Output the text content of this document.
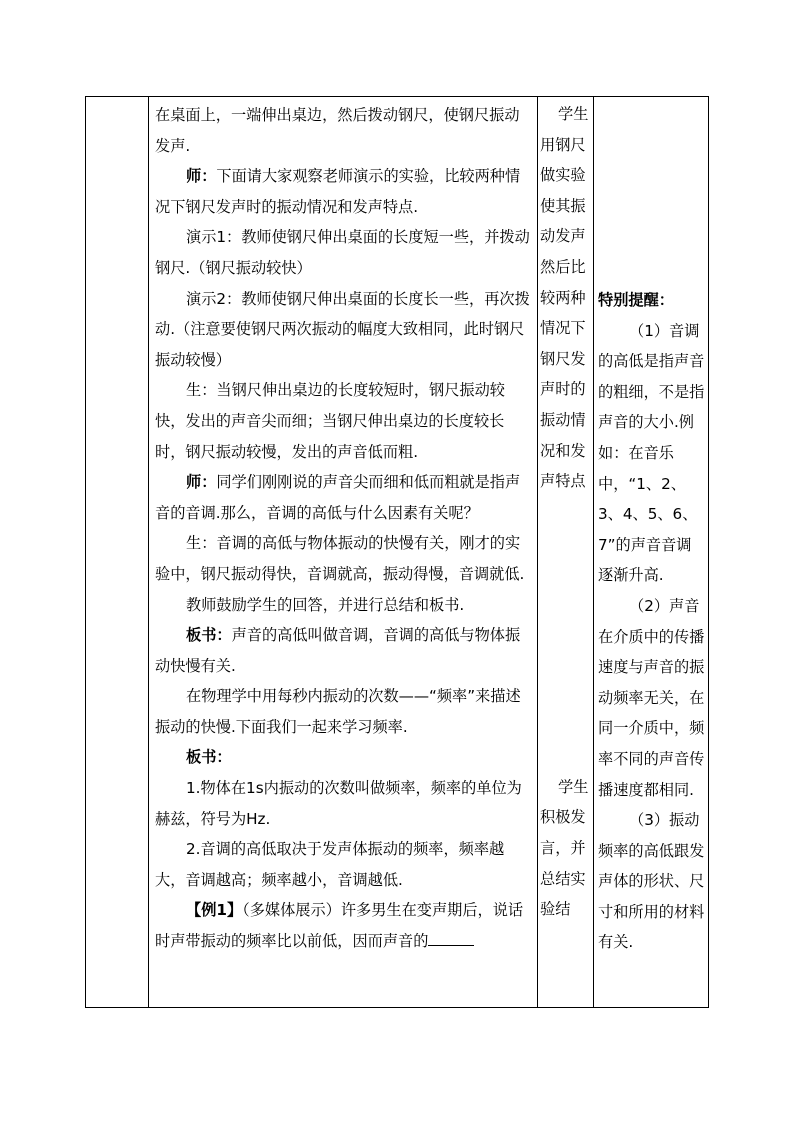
在桌面上，一端伸出桌边，然后拨动钢尺，使钢尺振动发声.

师：下面请大家观察老师演示的实验，比较两种情况下钢尺发声时的振动情况和发声特点.

演示1：教师使钢尺伸出桌面的长度短一些，并拨动钢尺.（钢尺振动较快）

演示2：教师使钢尺伸出桌面的长度长一些，再次拨动.（注意要使钢尺两次振动的幅度大致相同，此时钢尺振动较慢）

生：当钢尺伸出桌边的长度较短时，钢尺振动较快，发出的声音尖而细；当钢尺伸出桌边的长度较长时，钢尺振动较慢，发出的声音低而粗.

师：同学们刚刚说的声音尖而细和低而粗就是指声音的音调.那么，音调的高低与什么因素有关呢？

生：音调的高低与物体振动的快慢有关，刚才的实验中，钢尺振动得快，音调就高，振动得慢，音调就低.

教师鼓励学生的回答，并进行总结和板书.

板书：声音的高低叫做音调，音调的高低与物体振动快慢有关.

在物理学中用每秒内振动的次数——“频率”来描述振动的快慢.下面我们一起来学习频率.

板书：

1.物体在1s内振动的次数叫做频率，频率的单位为赫兹，符号为Hz.

2.音调的高低取决于发声体振动的频率，频率越大，音调越高；频率越小，音调越低.

【例1】（多媒体展示）许多男生在变声期后，说话时声带振动的频率比以前低，因而声音的

学生用钢尺做实验使其振动发声然后比较两种情况下钢尺发声时的振动情况和发声特点

学生积极发言，并总结实验结

特别提醒：

（1）音调的高低是指声音的粗细，不是指声音的大小.例如：在音乐中，“1、2、3、4、5、6、7”的声音音调逐渐升高.

（2）声音在介质中的传播速度与声音的振动频率无关，在同一介质中，频率不同的声音传播速度都相同.

（3）振动频率的高低跟发声体的形状、尺寸和所用的材料有关.
